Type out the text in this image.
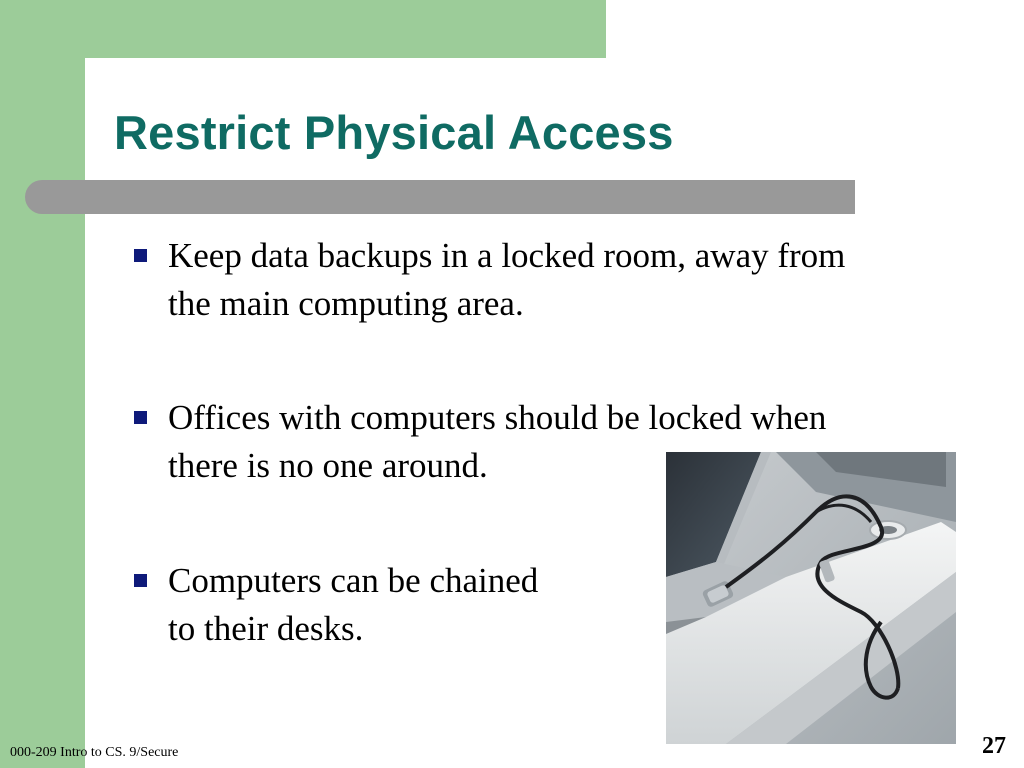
Restrict Physical Access
Keep data backups in a locked room, away from
the main computing area.
Offices with computers should be locked when
there is no one around.
Computers can be chained
to their desks.
000-209 Intro to CS. 9/Secure	27
